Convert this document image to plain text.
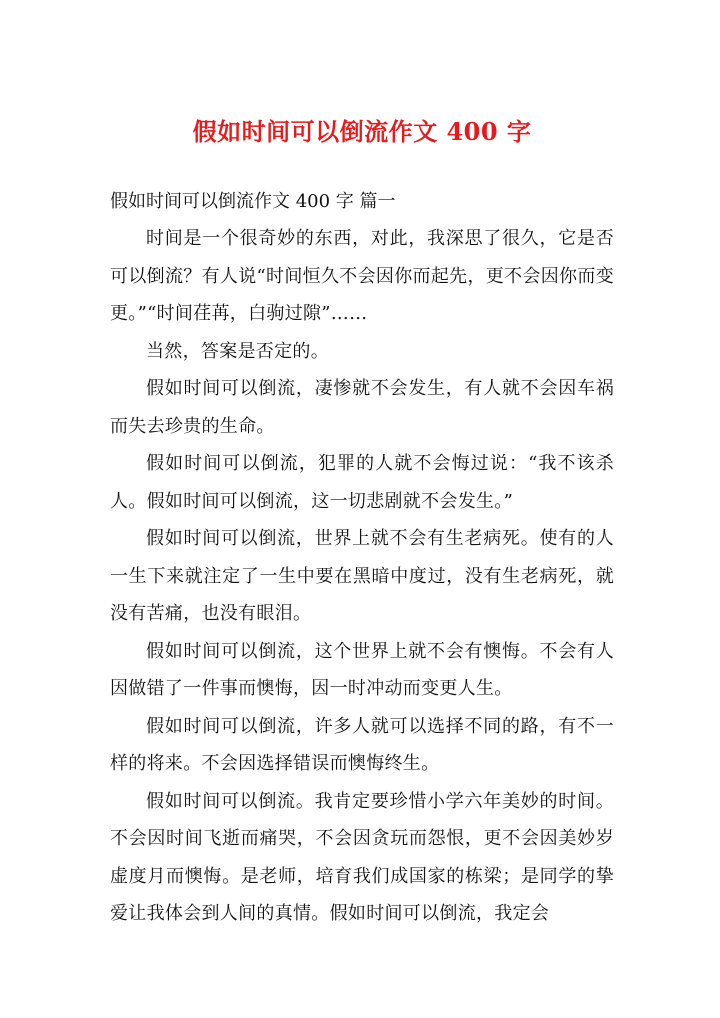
假如时间可以倒流作文 400 字
假如时间可以倒流作文 400 字 篇一

时间是一个很奇妙的东西，对此，我深思了很久，它是否可以倒流？有人说“时间恒久不会因你而起先，更不会因你而变更。”“时间荏苒，白驹过隙”……

当然，答案是否定的。

假如时间可以倒流，凄惨就不会发生，有人就不会因车祸而失去珍贵的生命。

假如时间可以倒流，犯罪的人就不会悔过说：“我不该杀人。假如时间可以倒流，这一切悲剧就不会发生。”

假如时间可以倒流，世界上就不会有生老病死。使有的人一生下来就注定了一生中要在黑暗中度过，没有生老病死，就没有苦痛，也没有眼泪。

假如时间可以倒流，这个世界上就不会有懊悔。不会有人因做错了一件事而懊悔，因一时冲动而变更人生。

假如时间可以倒流，许多人就可以选择不同的路，有不一样的将来。不会因选择错误而懊悔终生。

假如时间可以倒流。我肯定要珍惜小学六年美妙的时间。不会因时间飞逝而痛哭，不会因贪玩而怨恨，更不会因美妙岁虚度月而懊悔。是老师，培育我们成国家的栋梁；是同学的挚爱让我体会到人间的真情。假如时间可以倒流，我定会
